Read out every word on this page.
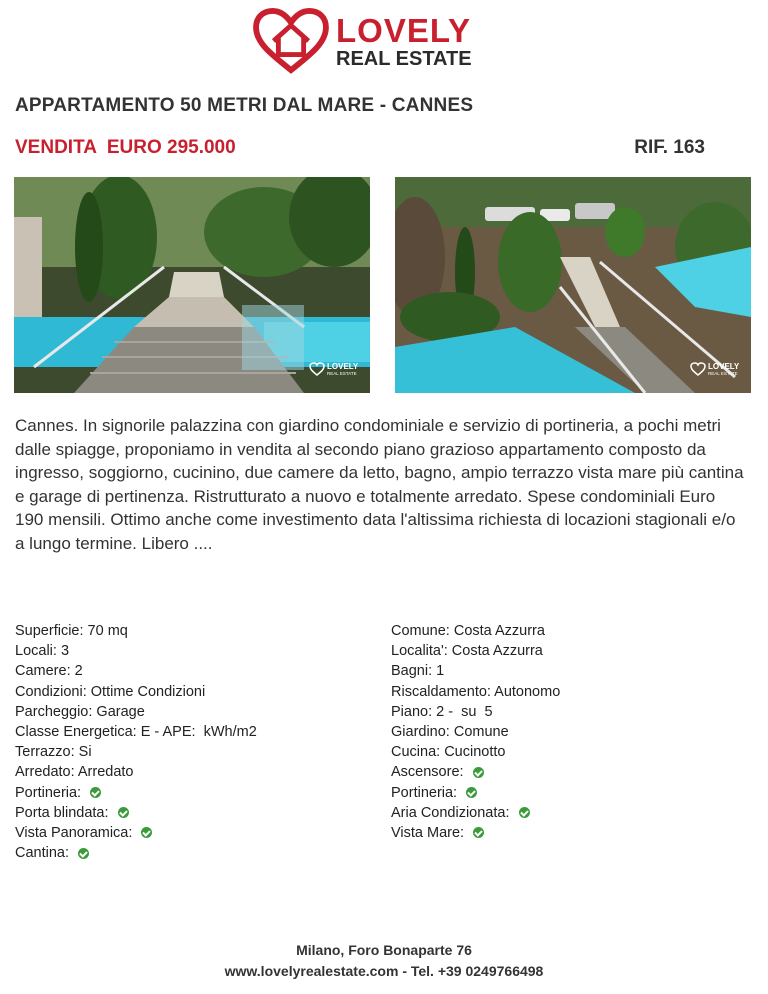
LOVELY
REAL ESTATE
APPARTAMENTO 50 METRI DAL MARE - CANNES
VENDITA  EURO 295.000	RIF. 163
LOVELY
REAL ESTATE
LOVELY
REAL ESTATE
Cannes. In signorile palazzina con giardino condominiale e servizio di portineria, a pochi metri dalle spiagge, proponiamo in vendita al secondo piano grazioso appartamento composto da ingresso, soggiorno, cucinino, due camere da letto, bagno, ampio terrazzo vista mare più cantina e garage di pertinenza. Ristrutturato a nuovo e totalmente arredato. Spese condominiali Euro 190 mensili. Ottimo anche come investimento data l'altissima richiesta di locazioni stagionali e/o a lungo termine. Libero ....
Superficie: 70 mq
Locali: 3
Camere: 2
Condizioni: Ottime Condizioni
Parcheggio: Garage
Classe Energetica: E - APE:  kWh/m2
Terrazzo: Si
Arredato: Arredato
Portineria:
Porta blindata:
Vista Panoramica:
Cantina:
Comune: Costa Azzurra
Localita': Costa Azzurra
Bagni: 1
Riscaldamento: Autonomo
Piano: 2 -  su  5
Giardino: Comune
Cucina: Cucinotto
Ascensore:
Portineria:
Aria Condizionata:
Vista Mare:
Milano, Foro Bonaparte 76
www.lovelyrealestate.com - Tel. +39 0249766498
